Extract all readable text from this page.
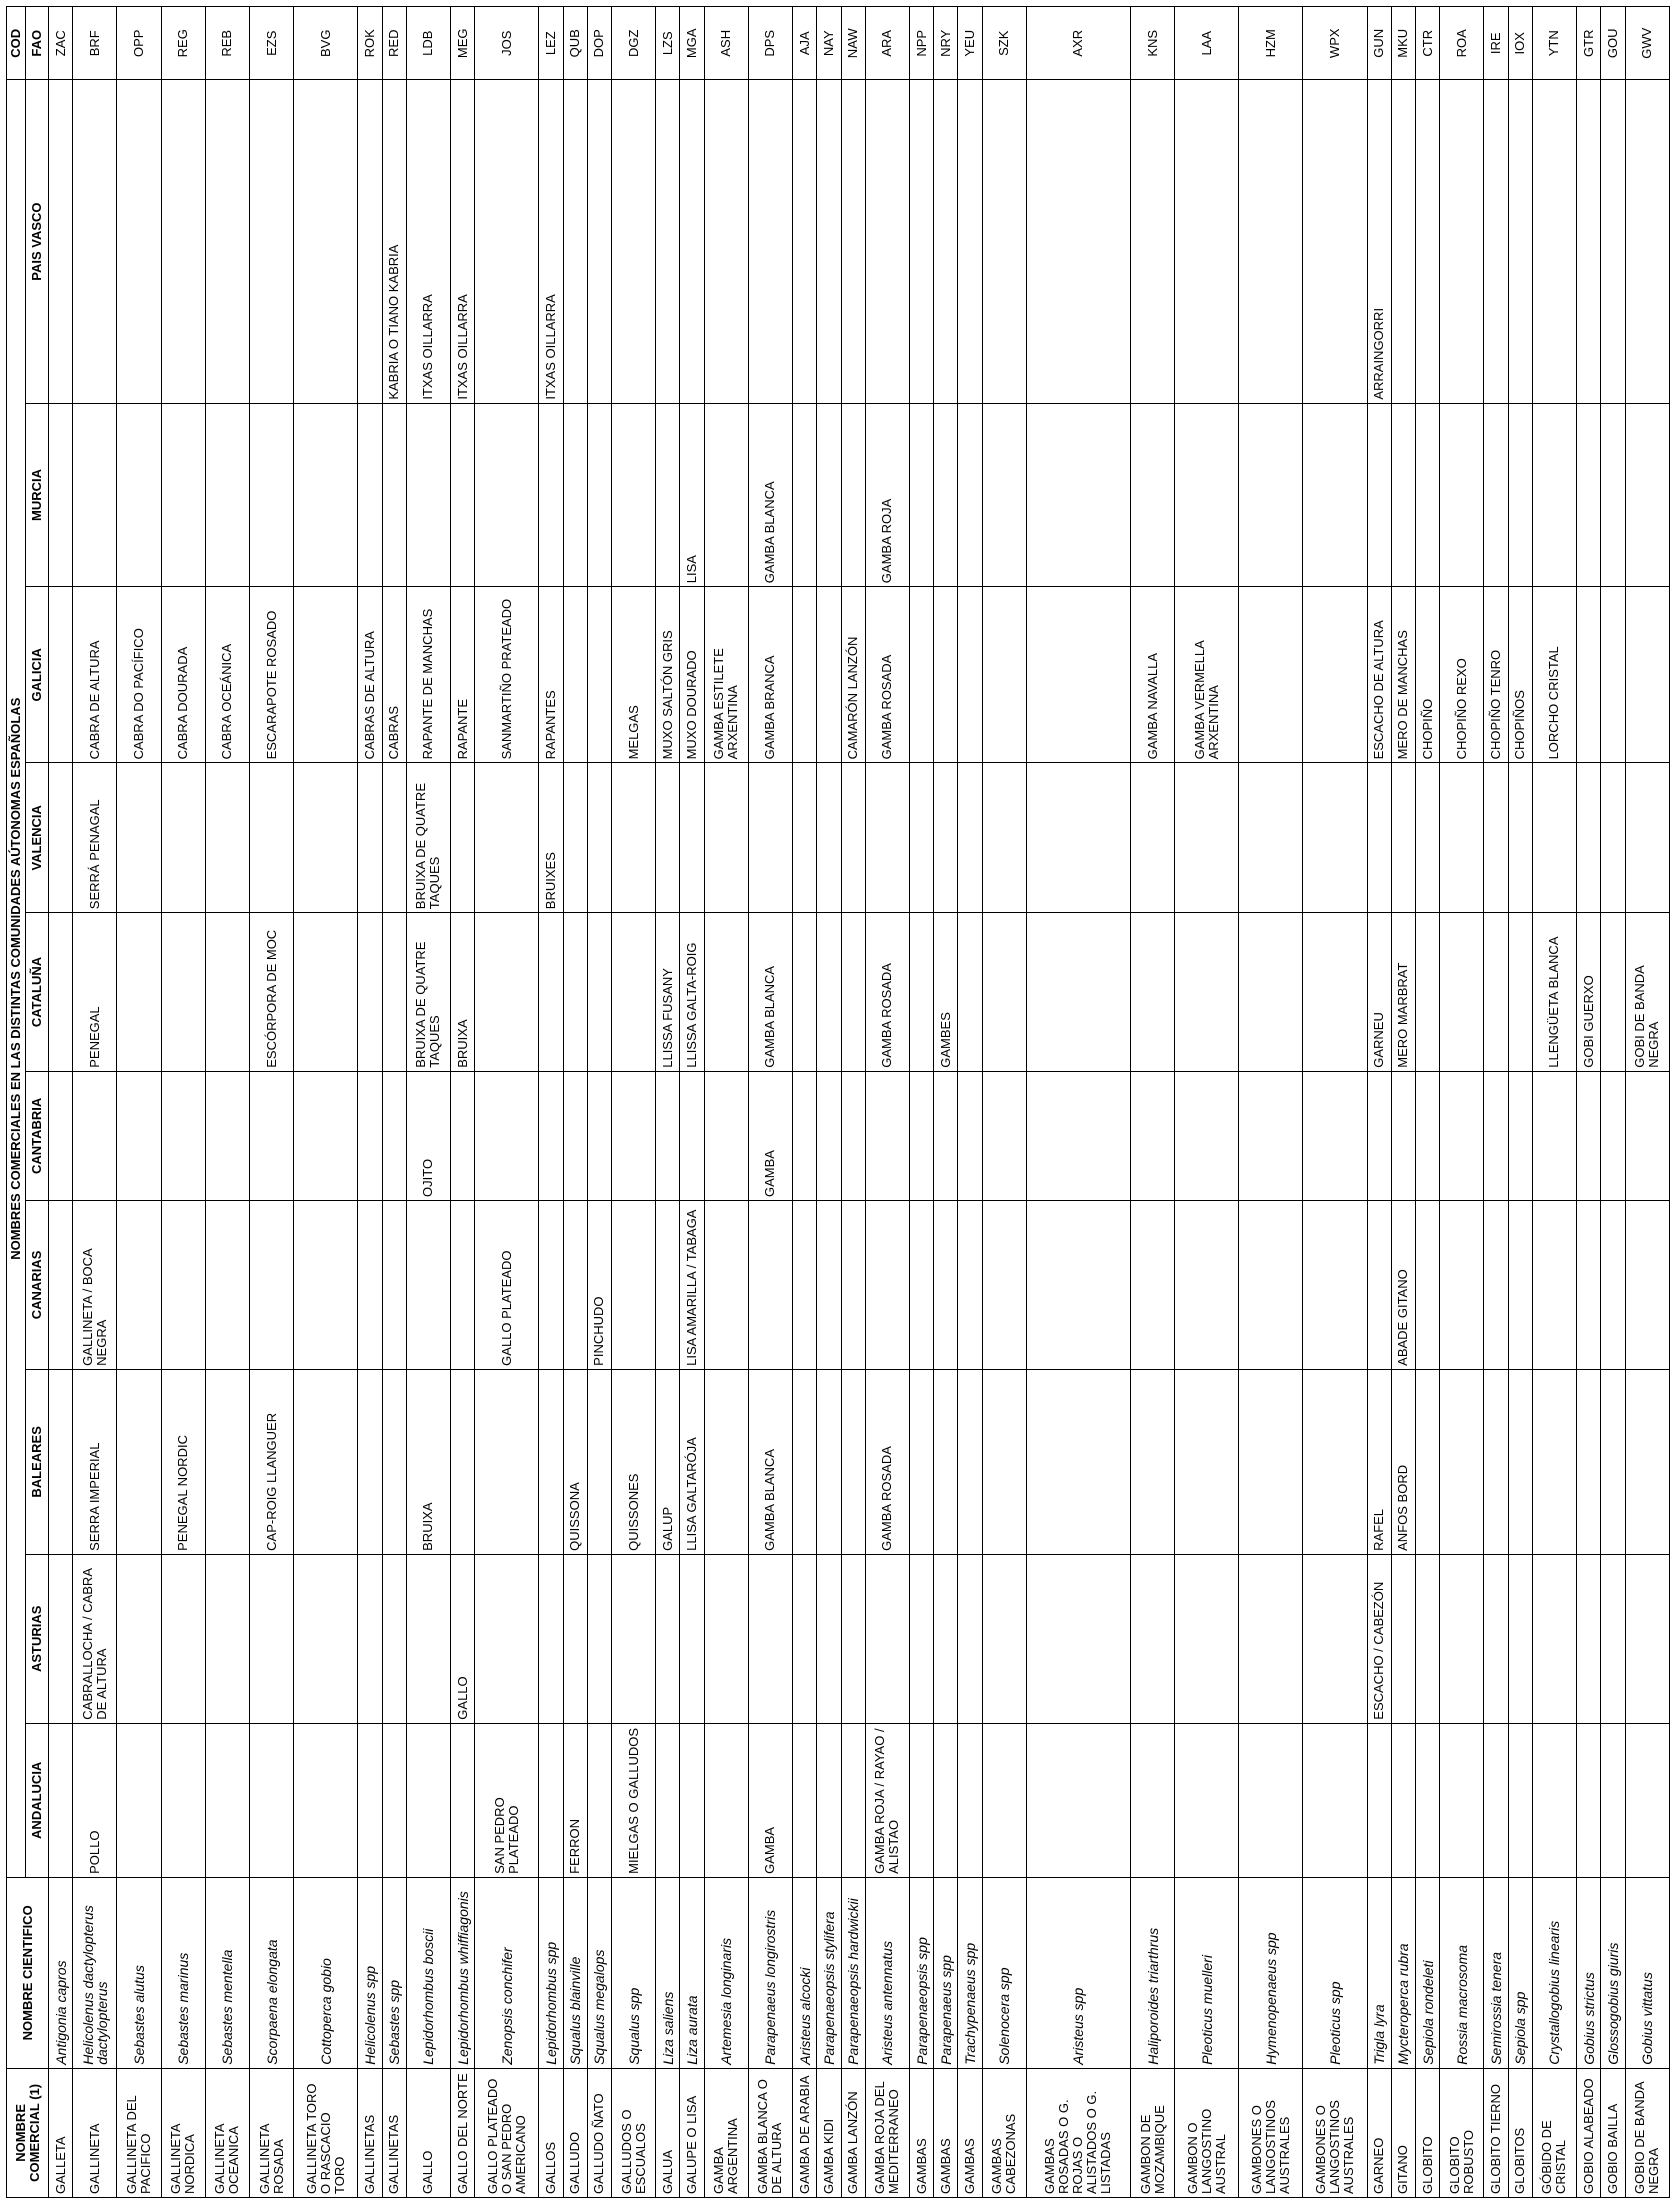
NOMBRE COMERCIAL (1)	NOMBRE CIENTIFICO	NOMBRES COMERCIALES EN LAS DISTINTAS COMUNIDADES AÚTONOMAS ESPAÑOLAS										COD

		ANDALUCIA	ASTURIAS	BALEARES	CANARIAS	CANTABRIA	CATALUÑA	VALENCIA	GALICIA	MURCIA	PAIS VASCO	FAO
GALLETA	Antigonia capros											ZAC
GALLINETA	Helicolenus dactylopterus dactylopterus	POLLO	CABRALLOCHA / CABRA DE ALTURA	SERRA IMPERIAL	GALLINETA / BOCA NEGRA		PENEGAL	SERRÁ PENAGAL	CABRA DE ALTURA			BRF
GALLINETA DEL PACIFICO	Sebastes alutus								CABRA DO PACÍFICO			OPP
GALLINETA NORDICA	Sebastes marinus			PENEGAL NORDIC					CABRA DOURADA			REG
GALLINETA OCEANICA	Sebastes mentella								CABRA OCEÁNICA			REB
GALLINETA ROSADA	Scorpaena elongata			CAP-ROIG LLANGUER			ESCÓRPORA DE MOC		ESCARAPOTE ROSADO			EZS
GALLINETA TORO O RASCACIO TORO	Cottoperca gobio											BVG
GALLINETAS	Helicolenus spp								CABRAS DE ALTURA			ROK
GALLINETAS	Sebastes spp								CABRAS		KABRIA O TIANO KABRIA	RED
GALLO	Lepidorhombus boscii			BRUIXA		OJITO	BRUIXA DE QUATRE TAQUES	BRUIXA DE QUATRE TAQUES	RAPANTE DE MANCHAS		ITXAS OILLARRA	LDB
GALLO DEL NORTE	Lepidorhombus whiffiagonis		GALLO				BRUIXA		RAPANTE		ITXAS OILLARRA	MEG
GALLO PLATEADO O SAN PEDRO AMERICANO	Zenopsis conchifer	SAN PEDRO PLATEADO			GALLO PLATEADO				SANMARTIÑO PRATEADO			JOS
GALLOS	Lepidorhombus spp							BRUIXES	RAPANTES		ITXAS OILLARRA	LEZ
GALLUDO	Squalus blainville	FERRON		QUISSONA								QUB
GALLUDO ÑATO	Squalus megalops				PINCHUDO							DOP
GALLUDOS O ESCUALOS	Squalus spp	MIELGAS O GALLUDOS		QUISSONES					MELGAS			DGZ
GALUA	Liza saliens			GALUP			LLISSA FUSANY		MUXO SALTÓN GRIS			LZS
GALUPE O LISA	Liza aurata			LLISA GALTARÓJA	LISA AMARILLA / TABAGA		LLISSA GALTA-ROIG		MUXO DOURADO	LISA		MGA
GAMBA ARGENTINA	Artemesia longinaris								GAMBA ESTILETE ARXENTINA			ASH
GAMBA BLANCA O DE ALTURA	Parapenaeus longirostris	GAMBA		GAMBA BLANCA		GAMBA	GAMBA BLANCA		GAMBA BRANCA	GAMBA BLANCA		DPS
GAMBA DE ARABIA	Aristeus alcocki											AJA
GAMBA KIDI	Parapenaeopsis stylifera											NAY
GAMBA LANZÓN	Parapenaeopsis hardwickii								CAMARÓN LANZÓN			NAW
GAMBA ROJA DEL MEDITERRANEO	Aristeus antennatus	GAMBA ROJA / RAYAO / ALISTAO		GAMBA ROSADA			GAMBA ROSADA		GAMBA ROSADA	GAMBA ROJA		ARA
GAMBAS	Parapenaeopsis spp											NPP
GAMBAS	Parapenaeus spp						GAMBES					NRY
GAMBAS	Trachypenaeus spp											YEU
GAMBAS CABEZONAS	Solenocera spp											SZK
GAMBAS ROSADAS O G. ROJAS O ALISTADOS O G. LISTADAS	Aristeus spp											AXR
GAMBON DE MOZAMBIQUE	Haliporoides triarthrus								GAMBA NAVALLA			KNS
GAMBON O LANGOSTINO AUSTRAL	Pleoticus muelleri								GAMBA VERMELLA ARXENTINA			LAA
GAMBONES O LANGOSTINOS AUSTRALES	Hymenopenaeus spp											HZM
GAMBONES O LANGOSTINOS AUSTRALES	Pleoticus spp											WPX
GARNEO	Trigla lyra		ESCACHO / CABEZÓN	RAFEL			GARNEU		ESCACHO DE ALTURA		ARRAINGORRI	GUN
GITANO	Mycteroperca rubra			ANFOS BORD	ABADE GITANO		MERO MARBRAT		MERO DE MANCHAS			MKU
GLOBITO	Sepiola rondeleti								CHOPIÑO			CTR
GLOBITO ROBUSTO	Rossia macrosoma								CHOPIÑO REXO			ROA
GLOBITO TIERNO	Semirossia tenera								CHOPIÑO TENRO			IRE
GLOBITOS	Sepiola spp								CHOPIÑOS			IOX
GÓBIDO DE CRISTAL	Crystallogobius linearis						LLENGÜETA BLANCA		LORCHO CRISTAL			YTN
GOBIO ALABEADO	Gobius strictus						GOBI GUERXO					GTR
GOBIO BAILLA	Glossogobius giuris											GOU
GOBIO DE BANDA NEGRA	Gobius vittatus						GOBI DE BANDA NEGRA					GWV
